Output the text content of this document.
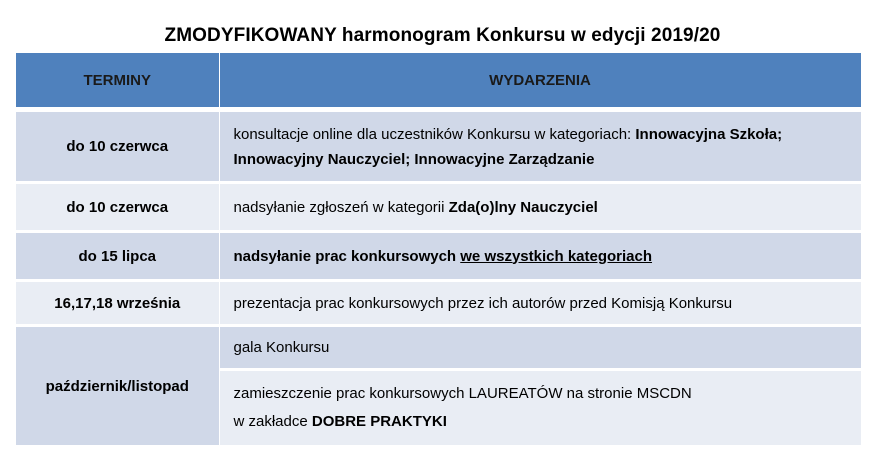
ZMODYFIKOWANY harmonogram Konkursu w edycji 2019/20
TERMINY	WYDARZENIA
do 10 czerwca	konsultacje online dla uczestników Konkursu w kategoriach: Innowacyjna Szkoła; Innowacyjny Nauczyciel; Innowacyjne Zarządzanie
do 10 czerwca	nadsyłanie zgłoszeń w kategorii Zda(o)lny Nauczyciel
do 15 lipca	nadsyłanie prac konkursowych we wszystkich kategoriach
16,17,18 września	prezentacja prac konkursowych przez ich autorów przed Komisją Konkursu
październik/listopad	gala Konkursu
	zamieszczenie prac konkursowych LAUREATÓW na stronie MSCDN
w zakładce DOBRE PRAKTYKI
